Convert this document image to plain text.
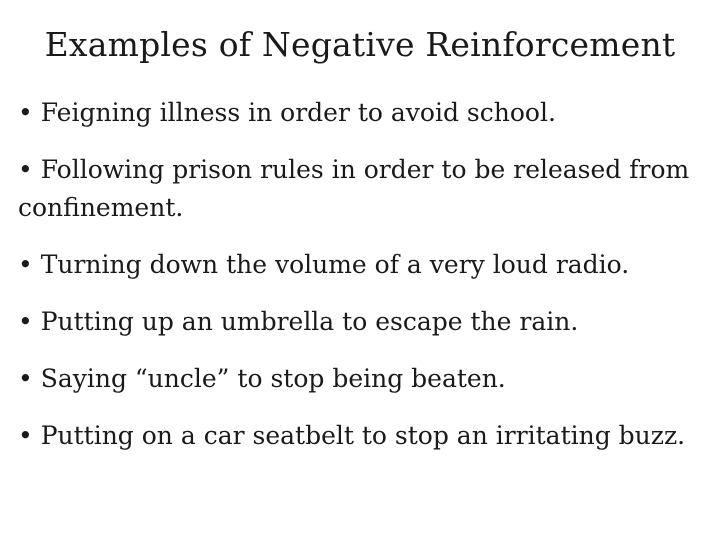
Examples of Negative Reinforcement
• Feigning illness in order to avoid school.
• Following prison rules in order to be released from confinement.
• Turning down the volume of a very loud radio.
• Putting up an umbrella to escape the rain.
• Saying “uncle” to stop being beaten.
• Putting on a car seatbelt to stop an irritating buzz.
